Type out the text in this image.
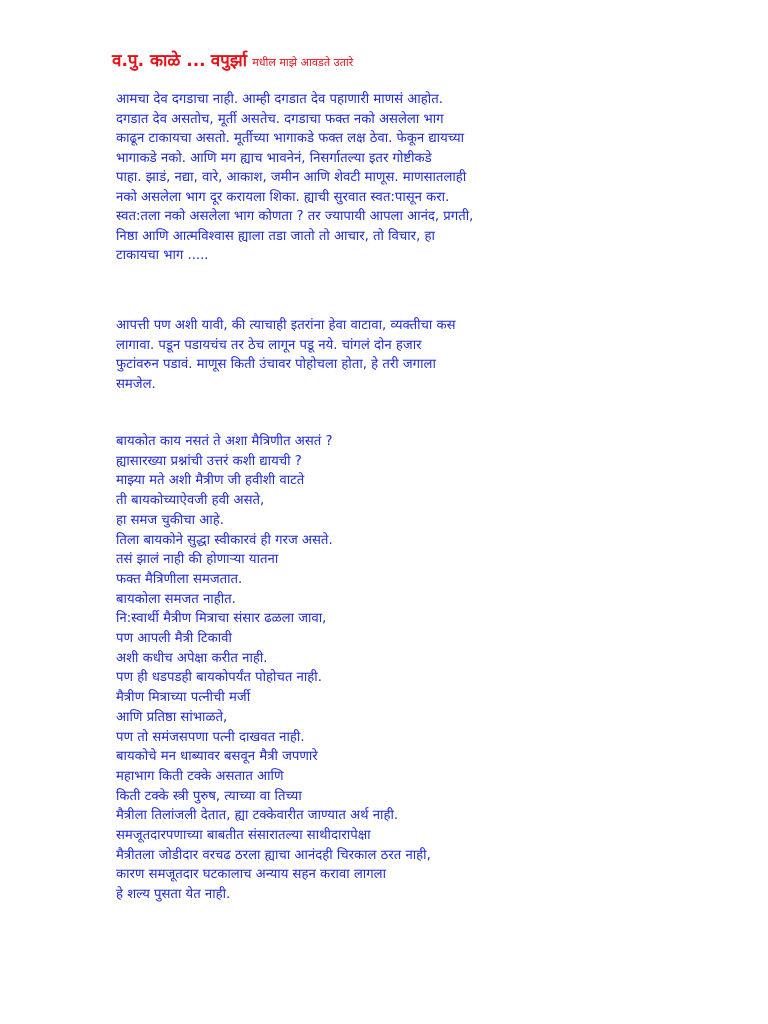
व.पु. काळे ... वपुर्झा मधील माझे आवडते उतारे
आमचा देव दगडाचा नाही. आम्ही दगडात देव पहाणारी माणसं आहोत.
दगडात देव असतोच, मूर्ती असतेच. दगडाचा फक्त नको असलेला भाग
काढून टाकायचा असतो. मूर्तीच्या भागाकडे फक्त लक्ष ठेवा. फेकून द्यायच्या
भागाकडे नको. आणि मग ह्याच भावनेनं, निसर्गातल्या इतर गोष्टीकडे
पाहा. झाडं, नद्या, वारे, आकाश, जमीन आणि शेवटी माणूस. माणसातलाही
नको असलेला भाग दूर करायला शिका. ह्याची सुरवात स्वत:पासून करा.
स्वत:तला नको असलेला भाग कोणता ? तर ज्यापायी आपला आनंद, प्रगती,
निष्ठा आणि आत्मविश्वास ह्याला तडा जातो तो आचार, तो विचार, हा
टाकायचा भाग .....
आपत्ती पण अशी यावी, की त्याचाही इतरांना हेवा वाटावा, व्यक्तीचा कस
लागावा. पडून पडायचंच तर ठेच लागून पडू नये. चांगलं दोन हजार
फुटांवरुन पडावं. माणूस किती उंचावर पोहोचला होता, हे तरी जगाला
समजेल.
बायकोत काय नसतं ते अशा मैत्रिणीत असतं ?
ह्यासारख्या प्रश्नांची उत्तरं कशी द्यायची ?
माझ्या मते अशी मैत्रीण जी हवीशी वाटते
ती बायकोच्याऐवजी हवी असते,
हा समज चुकीचा आहे.
तिला बायकोने सुद्धा स्वीकारवं ही गरज असते.
तसं झालं नाही की होणाऱ्या यातना
फक्त मैत्रिणीला समजतात.
बायकोला समजत नाहीत.
नि:स्वार्थी मैत्रीण मित्राचा संसार ढळला जावा,
पण आपली मैत्री टिकावी
अशी कधीच अपेक्षा करीत नाही.
पण ही धडपडही बायकोपर्यंत पोहोचत नाही.
मैत्रीण मित्राच्या पत्नीची मर्जी
आणि प्रतिष्ठा सांभाळते,
पण तो समंजसपणा पत्नी दाखवत नाही.
बायकोचे मन धाब्यावर बसवून मैत्री जपणारे
महाभाग किती टक्के असतात आणि
किती टक्के स्त्री पुरुष, त्याच्या वा तिच्या
मैत्रीला तिलांजली देतात, ह्या टक्केवारीत जाण्यात अर्थ नाही.
समजूतदारपणाच्या बाबतीत संसारातल्या साथीदारापेक्षा
मैत्रीतला जोडीदार वरचढ ठरला ह्याचा आनंदही चिरकाल ठरत नाही,
कारण समजूतदार घटकालाच अन्याय सहन करावा लागला
हे शल्य पुसता येत नाही.
